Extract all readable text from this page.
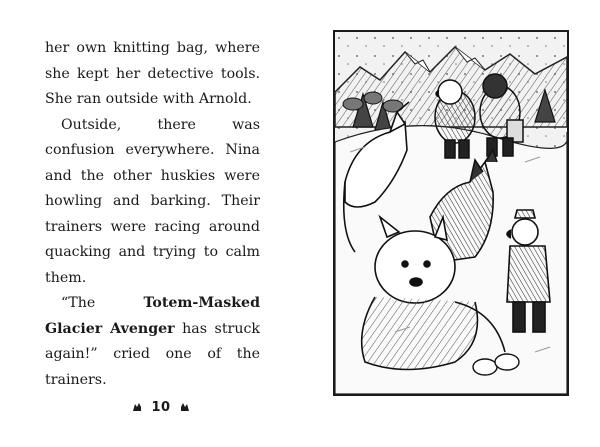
her own knitting bag, where she kept her detective tools. She ran outside with Arnold.

Outside, there was confusion everywhere. Nina and the other huskies were howling and barking. Their trainers were racing around quacking and trying to calm them.

“The Totem-Masked Glacier Avenger has struck again!” cried one of the trainers.

10
